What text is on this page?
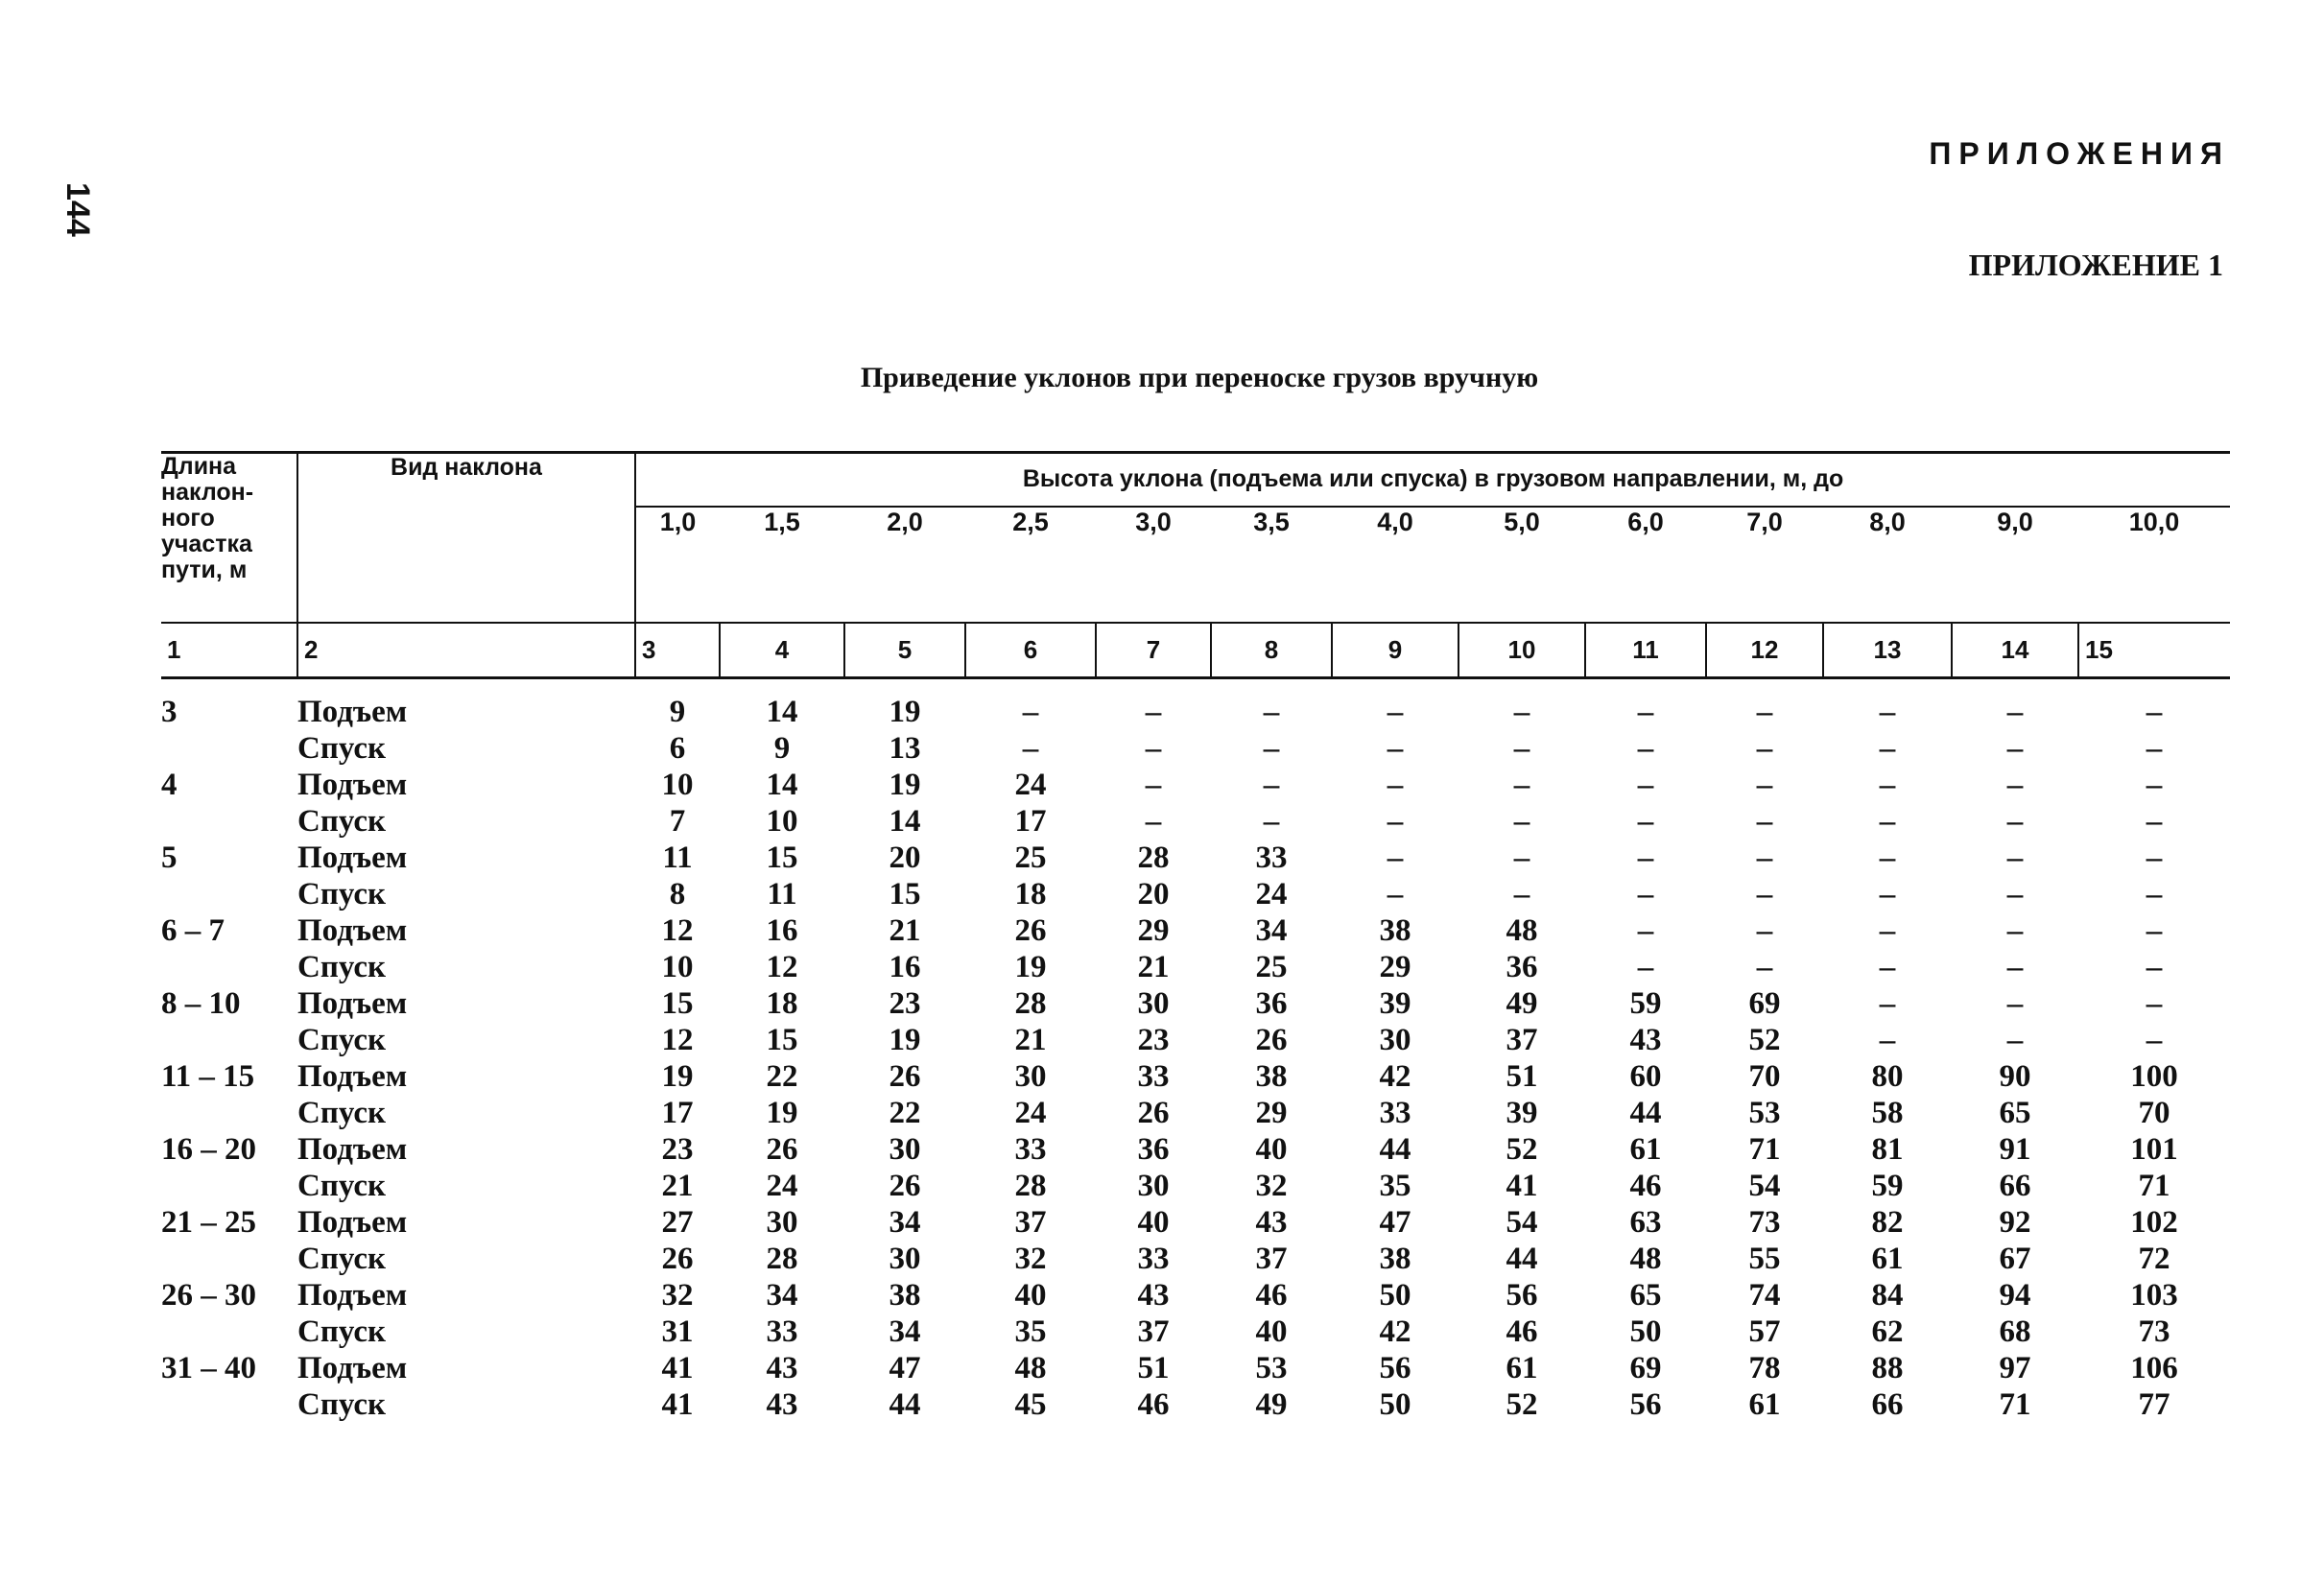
144
ПРИЛОЖЕНИЯ
ПРИЛОЖЕНИЕ 1
Приведение уклонов при переноске грузов вручную
Длина наклон-ного участка пути, м	Вид наклона	Высота уклона (подъема или спуска) в грузовом направлении, м, до												
		1,0	1,5	2,0	2,5	3,0	3,5	4,0	5,0	6,0	7,0	8,0	9,0	10,0
1	2	3	4	5	6	7	8	9	10	11	12	13	14	15
3	Подъем	9	14	19	–	–	–	–	–	–	–	–	–	–
	Спуск	6	9	13	–	–	–	–	–	–	–	–	–	–
4	Подъем	10	14	19	24	–	–	–	–	–	–	–	–	–
	Спуск	7	10	14	17	–	–	–	–	–	–	–	–	–
5	Подъем	11	15	20	25	28	33	–	–	–	–	–	–	–
	Спуск	8	11	15	18	20	24	–	–	–	–	–	–	–
6 – 7	Подъем	12	16	21	26	29	34	38	48	–	–	–	–	–
	Спуск	10	12	16	19	21	25	29	36	–	–	–	–	–
8 – 10	Подъем	15	18	23	28	30	36	39	49	59	69	–	–	–
	Спуск	12	15	19	21	23	26	30	37	43	52	–	–	–
11 – 15	Подъем	19	22	26	30	33	38	42	51	60	70	80	90	100
	Спуск	17	19	22	24	26	29	33	39	44	53	58	65	70
16 – 20	Подъем	23	26	30	33	36	40	44	52	61	71	81	91	101
	Спуск	21	24	26	28	30	32	35	41	46	54	59	66	71
21 – 25	Подъем	27	30	34	37	40	43	47	54	63	73	82	92	102
	Спуск	26	28	30	32	33	37	38	44	48	55	61	67	72
26 – 30	Подъем	32	34	38	40	43	46	50	56	65	74	84	94	103
	Спуск	31	33	34	35	37	40	42	46	50	57	62	68	73
31 – 40	Подъем	41	43	47	48	51	53	56	61	69	78	88	97	106
	Спуск	41	43	44	45	46	49	50	52	56	61	66	71	77
